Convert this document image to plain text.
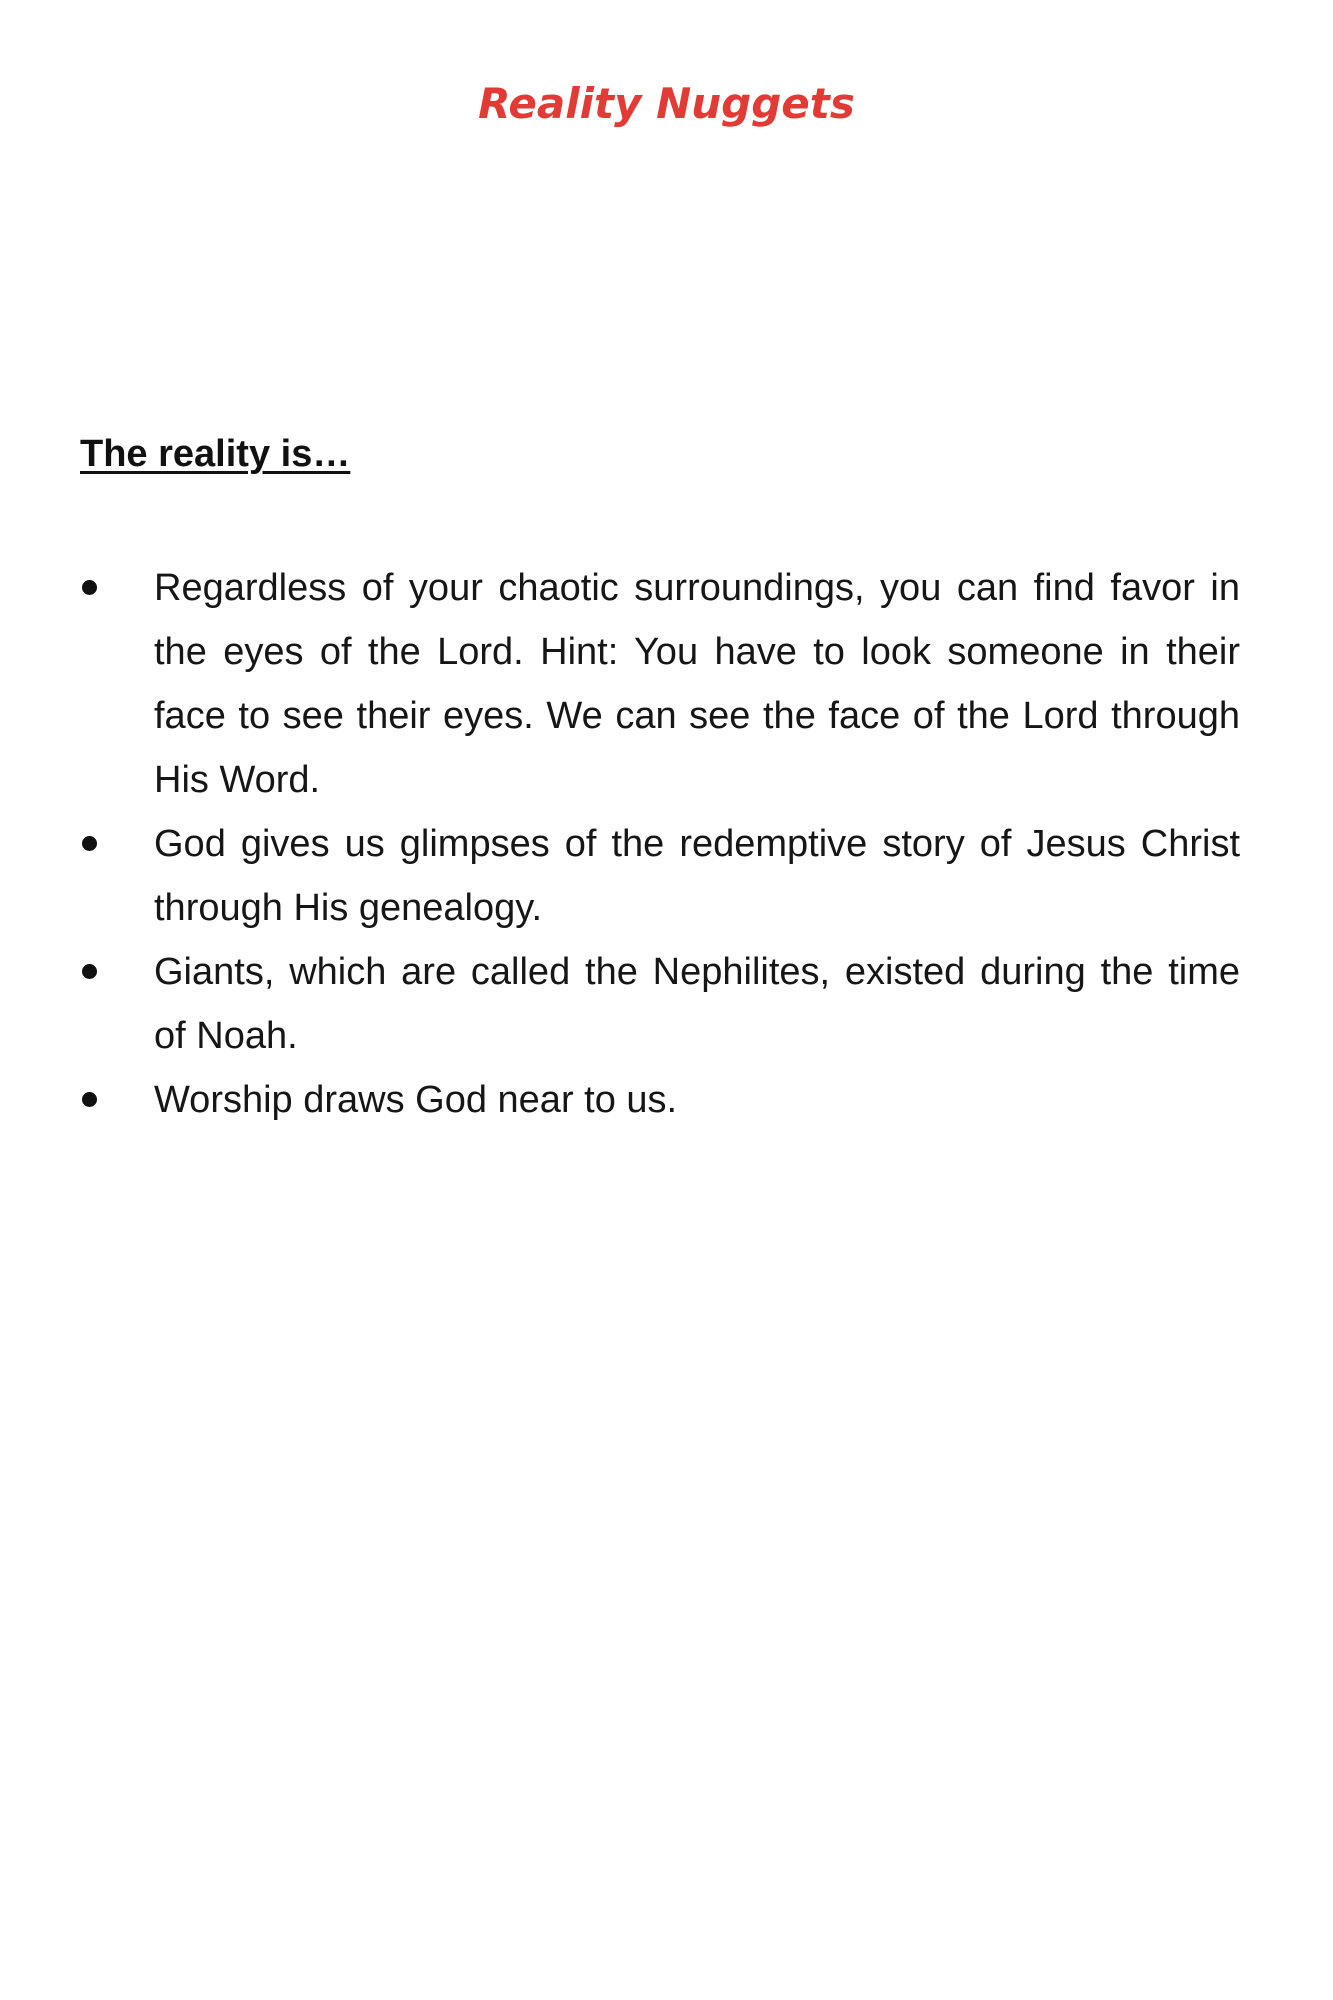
Reality Nuggets
The reality is…
Regardless of your chaotic surroundings, you can find favor in the eyes of the Lord. Hint: You have to look someone in their face to see their eyes. We can see the face of the Lord through His Word.
God gives us glimpses of the redemptive story of Jesus Christ through His genealogy.
Giants, which are called the Nephilites, existed during the time of Noah.
Worship draws God near to us.
